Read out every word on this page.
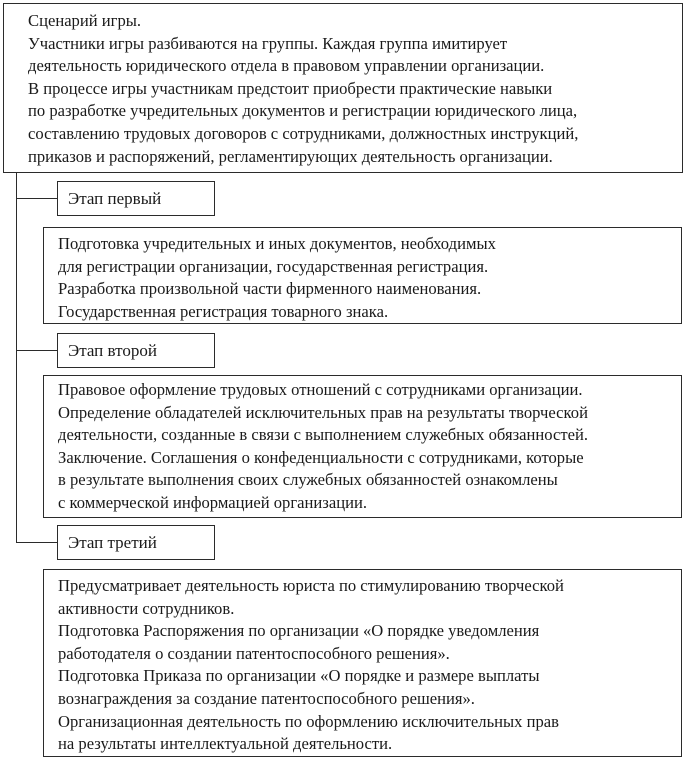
Сценарий игры.
Участники игры разбиваются на группы. Каждая группа имитирует
деятельность юридического отдела в правовом управлении организации.
В процессе игры участникам предстоит приобрести практические навыки
по разработке учредительных документов и регистрации юридического лица,
составлению трудовых договоров с сотрудниками, должностных инструкций,
приказов и распоряжений, регламентирующих деятельность организации.
Этап первый
Подготовка учредительных и иных документов, необходимых
для регистрации организации, государственная регистрация.
Разработка произвольной части фирменного наименования.
Государственная регистрация товарного знака.
Этап второй
Правовое оформление трудовых отношений с сотрудниками организации.
Определение обладателей исключительных прав на результаты творческой
деятельности, созданные в связи с выполнением служебных обязанностей.
Заключение. Соглашения о конфеденциальности с сотрудниками, которые
в результате выполнения своих служебных обязанностей ознакомлены
с коммерческой информацией организации.
Этап третий
Предусматривает деятельность юриста по стимулированию творческой
активности сотрудников.
Подготовка Распоряжения по организации «О порядке уведомления
работодателя о создании патентоспособного решения».
Подготовка Приказа по организации «О порядке и размере выплаты
вознаграждения за создание патентоспособного решения».
Организационная деятельность по оформлению исключительных прав
на результаты интеллектуальной деятельности.
